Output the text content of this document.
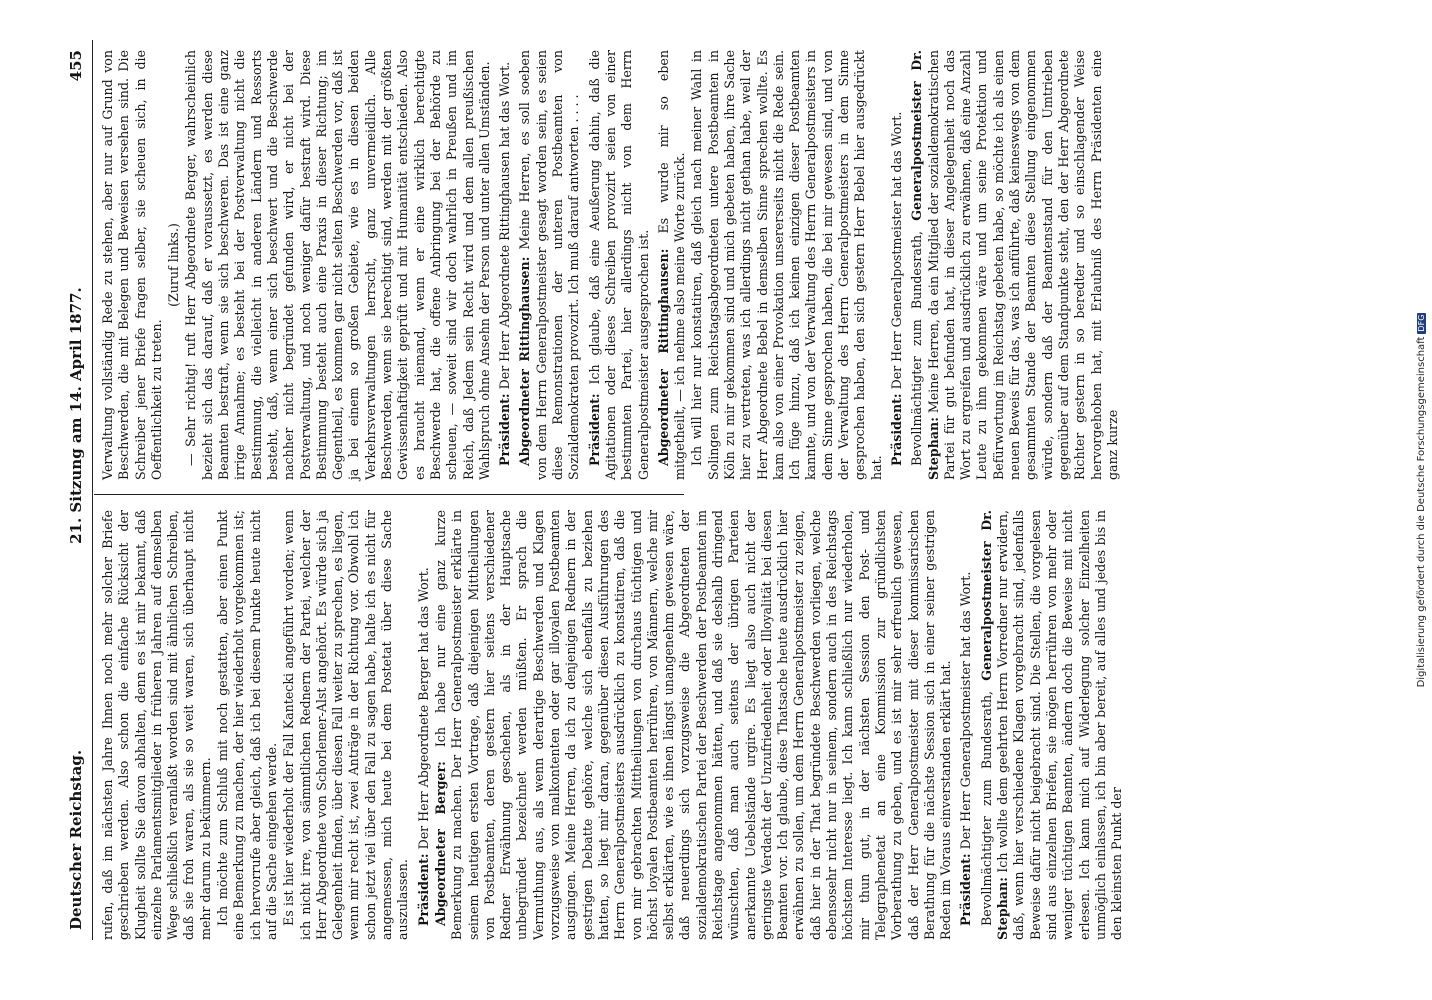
Deutscher Reichstag.
21. Sitzung am 14. April 1877.
455

rufen, daß im nächsten Jahre Ihnen noch mehr solcher Briefe geschrieben werden. Also schon die einfache Rücksicht der Klugheit sollte Sie davon abhalten, denn es ist mir bekannt, daß einzelne Parlamentsmitglieder in früheren Jahren auf demselben Wege schließlich veranlaßt worden sind mit ähnlichen Schreiben, daß sie froh waren, als sie so weit waren, sich überhaupt nicht mehr darum zu bekümmern. Ich möchte zum Schluß mit noch gestatten, aber einen Punkt eine Bemerkung zu machen, der hier wiederholt vorgekommen ist; ich hervorrufe aber gleich, daß ich bei diesem Punkte heute nicht auf die Sache eingehen werde. Es ist hier wiederholt der Fall Kantecki angeführt worden; wenn ich nicht irre, von sämmtlichen Rednern der Partei, welcher der Herr Abgeordnete von Schorlemer-Alst angehört. Es würde sich ja Gelegenheit finden, über diesen Fall weiter zu sprechen, es liegen, wenn mir recht ist, zwei Anträge in der Richtung vor. Obwohl ich schon jetzt viel über den Fall zu sagen habe, halte ich es nicht für angemessen, mich heute bei dem Postetat über diese Sache auszulassen. Präsident: Der Herr Abgeordnete Berger hat das Wort. Abgeordneter Berger: Ich habe nur eine ganz kurze Bemerkung zu machen. Der Herr Generalpostmeister erklärte in seinem heutigen ersten Vortrage, daß diejenigen Mittheilungen von Postbeamten, deren gestern hier seitens verschiedener Redner Erwähnung geschehen, als in der Hauptsache unbegründet bezeichnet werden müßten. Er sprach die Vermuthung aus, als wenn derartige Beschwerden und Klagen vorzugsweise von malkontenten oder gar illoyalen Postbeamten ausgingen. Meine Herren, da ich zu denjenigen Rednern in der gestrigen Debatte gehöre, welche sich ebenfalls zu beziehen hatten, so liegt mir daran, gegenüber diesen Ausführungen des Herrn Generalpostmeisters ausdrücklich zu konstatiren, daß die von mir gebrachten Mittheilungen von durchaus tüchtigen und höchst loyalen Postbeamten herrühren, von Männern, welche mir selbst erklärten, wie es ihnen längst unangenehm gewesen wäre, daß neuerdings sich vorzugsweise die Abgeordneten der sozialdemokratischen Partei der Beschwerden der Postbeamten im Reichstage angenommen hätten, und daß sie deshalb dringend wünschten, daß man auch seitens der übrigen Parteien anerkannte Uebelstände urgire. Es liegt also auch nicht der geringste Verdacht der Unzufriedenheit oder Illoyalität bei diesen Beamten vor. Ich glaube, diese Thatsache heute ausdrücklich hier erwähnen zu sollen, um dem Herrn Generalpostmeister zu zeigen, daß hier in der That begründete Beschwerden vorliegen, welche ebensosehr nicht nur in seinem, sondern auch in des Reichstags höchstem Interesse liegt. Ich kann schließlich nur wiederholen, mir thun gut, in der nächsten Session den Post- und Telegraphenetat an eine Kommission zur gründlichsten Vorberathung zu geben, und es ist mir sehr erfreulich gewesen, daß der Herr Generalpostmeister mit dieser kommissarischen Berathung für die nächste Session sich in einer seiner gestrigen Reden im Voraus einverstanden erklärt hat. Präsident: Der Herr Generalpostmeister hat das Wort. Bevollmächtigter zum Bundesrath, Generalpostmeister Dr. Stephan: Ich wollte dem geehrten Herrn Vorredner nur erwidern, daß, wenn hier verschiedene Klagen vorgebracht sind, jedenfalls Beweise dafür nicht beigebracht sind. Die Stellen, die vorgelesen sind aus einzelnen Briefen, sie mögen herrühren von mehr oder weniger tüchtigen Beamten, ändern doch die Beweise mit nicht erlesen. Ich kann mich auf Widerlegung solcher Einzelheiten unmöglich einlassen, ich bin aber bereit, auf alles und jedes bis in den kleinsten Punkt der

Verwaltung vollständig Rede zu stehen, aber nur auf Grund von Beschwerden, die mit Belegen und Beweisen versehen sind. Die Schreiber jener Briefe fragen selber, sie scheuen sich, in die Oeffentlichkeit zu treten.

(Zuruf links.) — Sehr richtig! ruft Herr Abgeordnete Berger, wahrscheinlich bezieht sich das darauf, daß er voraussetzt, es werden diese Beamten bestraft, wenn sie sich beschweren. Das ist eine ganz irrige Annahme; es besteht bei der Postverwaltung nicht die Bestimmung, die vielleicht in anderen Ländern und Ressorts besteht, daß, wenn einer sich beschwert und die Beschwerde nachher nicht begründet gefunden wird, er nicht bei der Postverwaltung, und noch weniger dafür bestraft wird. Diese Bestimmung besteht auch eine Praxis in dieser Richtung; im Gegentheil, es kommen gar nicht selten Beschwerden vor, daß ist ja bei einem so großen Gebiete, wie es in diesen beiden Verkehrsverwaltungen herrscht, ganz unvermeidlich. Alle Beschwerden, wenn sie berechtigt sind, werden mit der größten Gewissenhaftigkeit geprüft und mit Humanität entschieden. Also es braucht niemand, wenn er eine wirklich berechtigte Beschwerde hat, die offene Anbringung bei der Behörde zu scheuen, — soweit sind wir doch wahrlich in Preußen und im Reich, daß Jedem sein Recht wird und dem allen preußischen Wahlspruch ohne Ansehn der Person und unter allen Umständen. Präsident: Der Herr Abgeordnete Rittinghausen hat das Wort. Abgeordneter Rittinghausen: Meine Herren, es soll soeben von dem Herrn Generalpostmeister gesagt worden sein, es seien diese Remonstrationen der unteren Postbeamten von Sozialdemokraten provozirt. Ich muß darauf antworten . . . . Präsident: Ich glaube, daß eine Aeußerung dahin, daß die Agitationen oder dieses Schreiben provozirt seien von einer bestimmten Partei, hier allerdings nicht von dem Herrn Generalpostmeister ausgesprochen ist. Abgeordneter Rittinghausen: Es wurde mir so eben mitgetheilt, — ich nehme also meine Worte zurück. Ich will hier nur konstatiren, daß gleich nach meiner Wahl in Solingen zum Reichstagsabgeordneten untere Postbeamten in Köln zu mir gekommen sind und mich gebeten haben, ihre Sache hier zu vertreten, was ich allerdings nicht gethan habe, weil der Herr Abgeordnete Bebel in demselben Sinne sprechen wollte. Es kam also von einer Provokation unsererseits nicht die Rede sein. Ich füge hinzu, daß ich keinen einzigen dieser Postbeamten kannte, und von der Verwaltung des Herrn Generalpostmeisters in dem Sinne gesprochen haben, die bei mir gewesen sind, und von der Verwaltung des Herrn Generalpostmeisters in dem Sinne gesprochen haben, den sich gestern Herr Bebel hier ausgedrückt hat.

Präsident: Der Herr Generalpostmeister hat das Wort. Bevollmächtigter zum Bundesrath, Generalpostmeister Dr. Stephan: Meine Herren, da ein Mitglied der sozialdemokratischen Partei für gut befunden hat, in dieser Angelegenheit noch das Wort zu ergreifen und ausdrücklich zu erwähnen, daß eine Anzahl Leute zu ihm gekommen wäre und um seine Protektion und Befürwortung im Reichstag gebeten habe, so möchte ich als einen neuen Beweis für das, was ich anführte, daß keineswegs von dem gesammten Stande der Beamten diese Stellung eingenommen würde, sondern daß der Beamtenstand für den Umtrieben gegenüber auf dem Standpunkte steht, den der Herr Abgeordnete Richter gestern in so beredter und so einschlagender Weise hervorgehoben hat, mit Erlaubniß des Herrn Präsidenten eine ganz kurze	Digitalisierung gefördert durch die Deutsche ForschungsgemeinschaftDFG
